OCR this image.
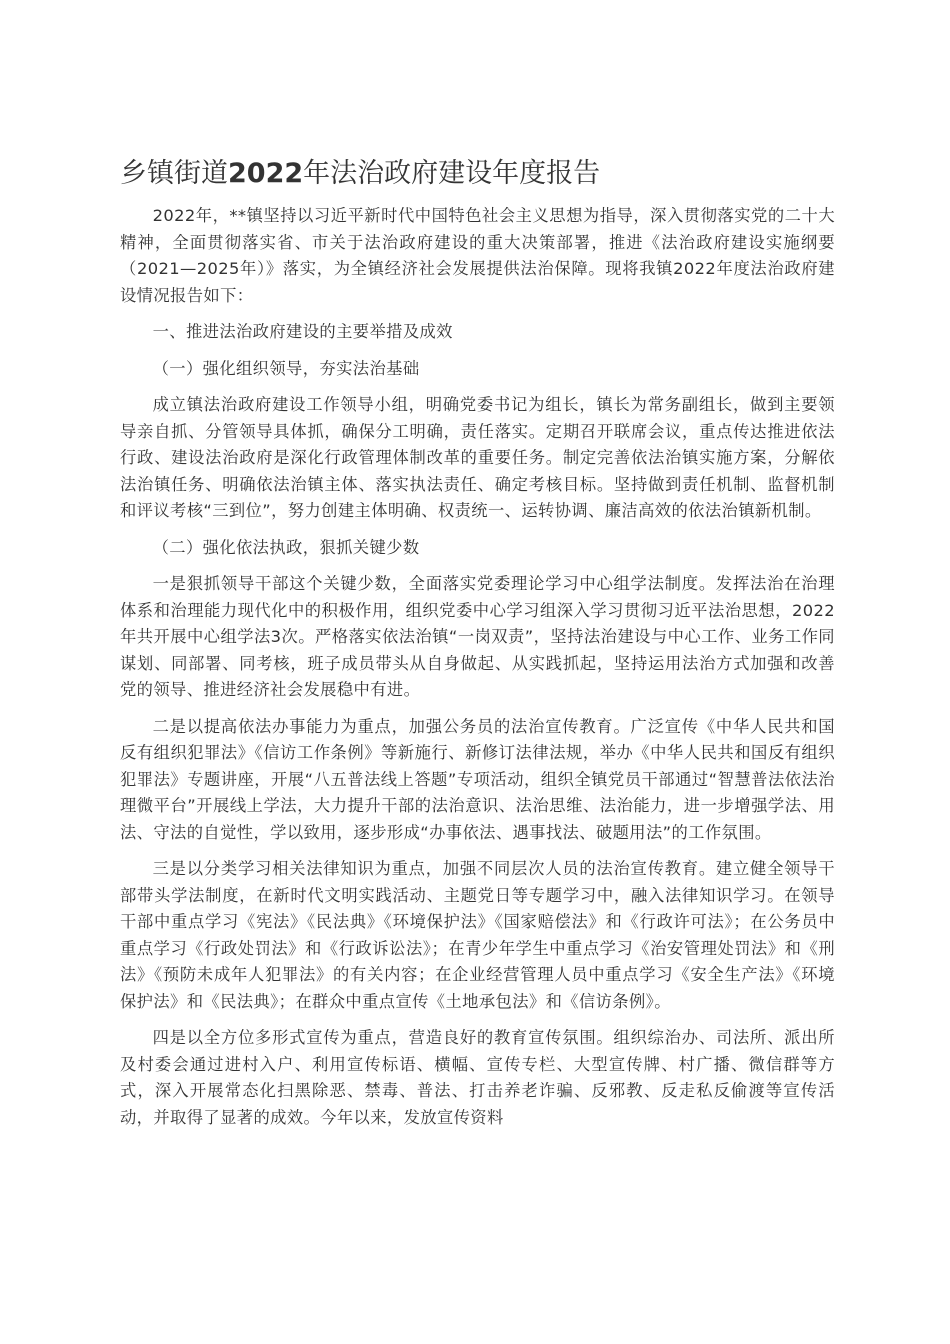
乡镇街道2022年法治政府建设年度报告

2022年，**镇坚持以习近平新时代中国特色社会主义思想为指导，深入贯彻落实党的二十大精神，全面贯彻落实省、市关于法治政府建设的重大决策部署，推进《法治政府建设实施纲要（2021—2025年）》落实，为全镇经济社会发展提供法治保障。现将我镇2022年度法治政府建设情况报告如下：

一、推进法治政府建设的主要举措及成效

（一）强化组织领导，夯实法治基础

成立镇法治政府建设工作领导小组，明确党委书记为组长，镇长为常务副组长，做到主要领导亲自抓、分管领导具体抓，确保分工明确，责任落实。定期召开联席会议，重点传达推进依法行政、建设法治政府是深化行政管理体制改革的重要任务。制定完善依法治镇实施方案，分解依法治镇任务、明确依法治镇主体、落实执法责任、确定考核目标。坚持做到责任机制、监督机制和评议考核“三到位”，努力创建主体明确、权责统一、运转协调、廉洁高效的依法治镇新机制。

（二）强化依法执政，狠抓关键少数

一是狠抓领导干部这个关键少数，全面落实党委理论学习中心组学法制度。发挥法治在治理体系和治理能力现代化中的积极作用，组织党委中心学习组深入学习贯彻习近平法治思想，2022年共开展中心组学法3次。严格落实依法治镇“一岗双责”，坚持法治建设与中心工作、业务工作同谋划、同部署、同考核，班子成员带头从自身做起、从实践抓起，坚持运用法治方式加强和改善党的领导、推进经济社会发展稳中有进。

二是以提高依法办事能力为重点，加强公务员的法治宣传教育。广泛宣传《中华人民共和国反有组织犯罪法》《信访工作条例》等新施行、新修订法律法规，举办《中华人民共和国反有组织犯罪法》专题讲座，开展“八五普法线上答题”专项活动，组织全镇党员干部通过“智慧普法依法治理微平台”开展线上学法，大力提升干部的法治意识、法治思维、法治能力，进一步增强学法、用法、守法的自觉性，学以致用，逐步形成“办事依法、遇事找法、破题用法”的工作氛围。

三是以分类学习相关法律知识为重点，加强不同层次人员的法治宣传教育。建立健全领导干部带头学法制度，在新时代文明实践活动、主题党日等专题学习中，融入法律知识学习。在领导干部中重点学习《宪法》《民法典》《环境保护法》《国家赔偿法》和《行政许可法》；在公务员中重点学习《行政处罚法》和《行政诉讼法》；在青少年学生中重点学习《治安管理处罚法》和《刑法》《预防未成年人犯罪法》的有关内容；在企业经营管理人员中重点学习《安全生产法》《环境保护法》和《民法典》；在群众中重点宣传《土地承包法》和《信访条例》。

四是以全方位多形式宣传为重点，营造良好的教育宣传氛围。组织综治办、司法所、派出所及村委会通过进村入户、利用宣传标语、横幅、宣传专栏、大型宣传牌、村广播、微信群等方式，深入开展常态化扫黑除恶、禁毒、普法、打击养老诈骗、反邪教、反走私反偷渡等宣传活动，并取得了显著的成效。今年以来，发放宣传资料
